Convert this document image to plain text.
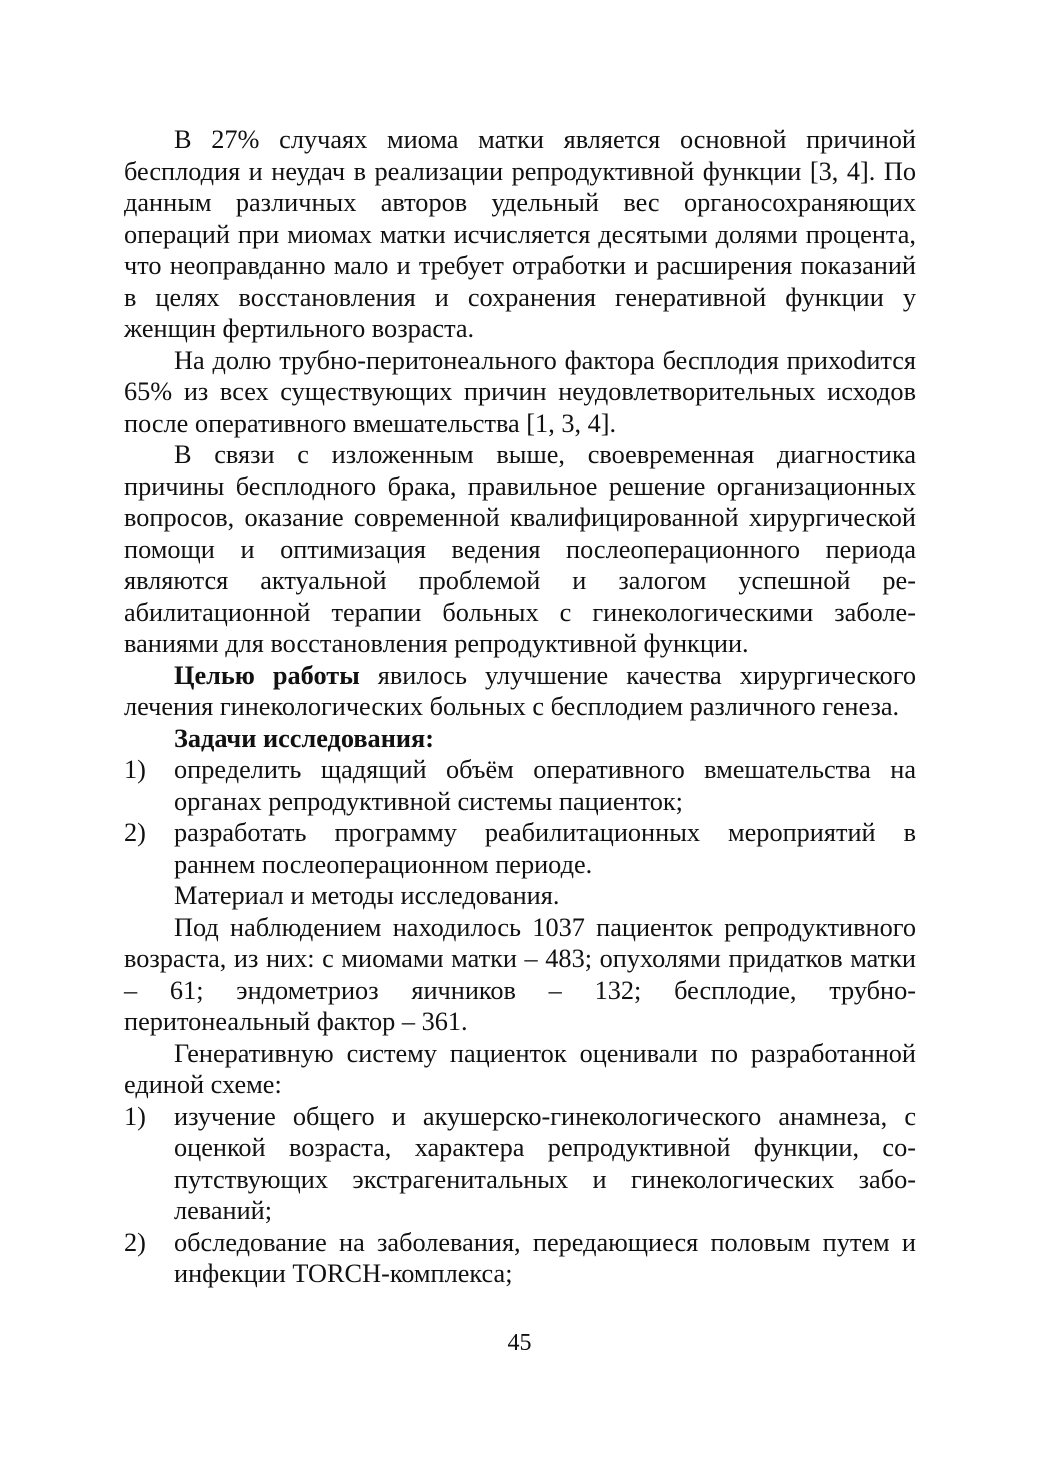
В 27% случаях миома матки является основной причиной бесплодия и неудач в реализации репродуктивной функции [3, 4]. По данным различных авторов удельный вес органосохраняющих операций при миомах матки исчисляется десятыми долями процента, что неоправданно мало и требует отработки и расширения показаний в целях восстановления и сохранения генеративной функции у женщин фертильного возраста.

На долю трубно-перитонеального фактора бесплодия прихоdится 65% из всех существующих причин неудовлетворительных исходов после оперативного вмешательства [1, 3, 4].

В связи с изложенным выше, своевременная диагностика причины бесплодного брака, правильное решение организационных вопросов, оказание современной квалифицированной хирургической помощи и оптимизация ведения послеоперационного периода являются актуальной проблемой и залогом успешной реабилитационной терапии больных с гинекологическими заболеваниями для восстановления репродуктивной функции.

Целью работы явилось улучшение качества хирургического лечения гинекологических больных с бесплодием различного генеза.

Задачи исследования:

1) определить щадящий объём оперативного вмешательства на органах репродуктивной системы пациенток;
2) разработать программу реабилитационных мероприятий в раннем послеоперационном периоде.

Материал и методы исследования.

Под наблюдением находилось 1037 пациенток репродуктивного возраста, из них: с миомами матки – 483; опухолями придатков матки – 61; эндометриоз яичников – 132; бесплодие, трубно-перитонеальный фактор – 361.

Генеративную систему пациенток оценивали по разработанной единой схеме:

1) изучение общего и акушерско-гинекологического анамнеза, с оценкой возраста, характера репродуктивной функции, сопутствующих экстрагенитальных и гинекологических заболеваний;
2) обследование на заболевания, передающиеся половым путем и инфекции TORCH-комплекса;
45
